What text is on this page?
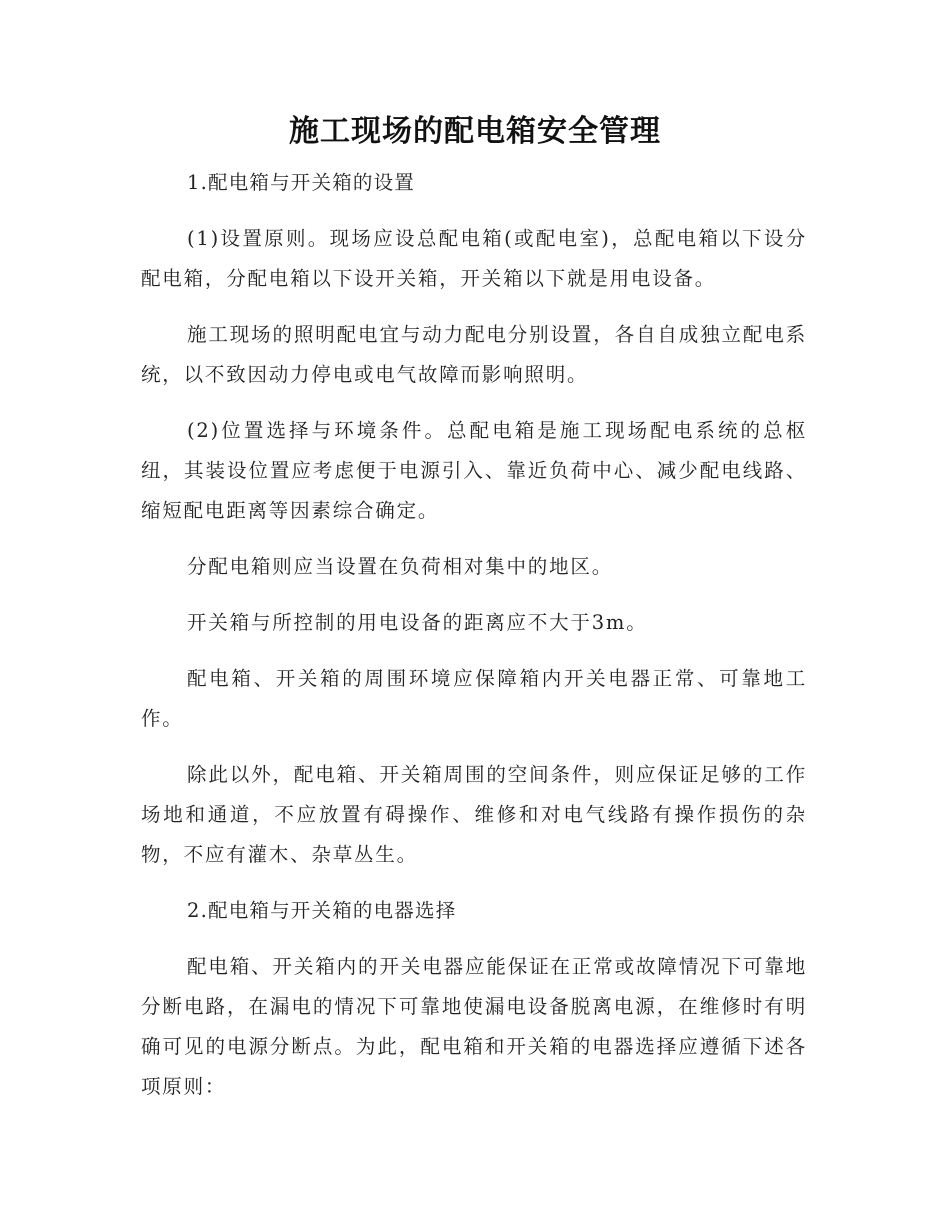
施工现场的配电箱安全管理

1.配电箱与开关箱的设置

(1)设置原则。现场应设总配电箱(或配电室)，总配电箱以下设分配电箱，分配电箱以下设开关箱，开关箱以下就是用电设备。

施工现场的照明配电宜与动力配电分别设置，各自自成独立配电系统，以不致因动力停电或电气故障而影响照明。

(2)位置选择与环境条件。总配电箱是施工现场配电系统的总枢纽，其装设位置应考虑便于电源引入、靠近负荷中心、减少配电线路、缩短配电距离等因素综合确定。

分配电箱则应当设置在负荷相对集中的地区。

开关箱与所控制的用电设备的距离应不大于3m。

配电箱、开关箱的周围环境应保障箱内开关电器正常、可靠地工作。

除此以外，配电箱、开关箱周围的空间条件，则应保证足够的工作场地和通道，不应放置有碍操作、维修和对电气线路有操作损伤的杂物，不应有灌木、杂草丛生。

2.配电箱与开关箱的电器选择

配电箱、开关箱内的开关电器应能保证在正常或故障情况下可靠地分断电路，在漏电的情况下可靠地使漏电设备脱离电源，在维修时有明确可见的电源分断点。为此，配电箱和开关箱的电器选择应遵循下述各项原则：
